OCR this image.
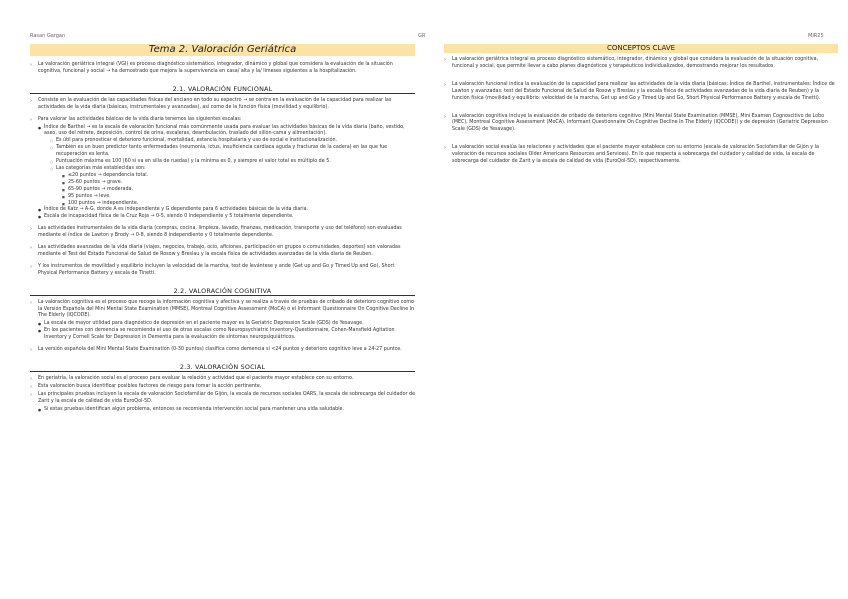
Rasan Gargan	GR	MIR25
Tema 2. Valoración Geriátrica
› La valoración geriátrica integral (VGI) es proceso diagnóstico sistemático, integrador, dinámico y global que considera la evaluación de la situación cognitiva, funcional y social → ha demostrado que mejora la supervivencia en casa/ alta y la/ limeses siguientes a la hospitalización.
2.1. VALORACIÓN FUNCIONAL
› Consiste en la evaluación de las capacidades físicas del anciano en todo su espectro → se centra en la evaluación de la capacidad para realizar las actividades de la vida diaria (básicas, instrumentales y avanzadas), así como de la función física (movilidad y equilibrio).
› Para valorar las actividades básicas de la vida diaria tenemos las siguientes escalas:
● Índice de Barthel → es la escala de valoración funcional más comúnmente usada para evaluar las actividades básicas de la vida diaria (baño, vestido, aseo, uso del retrete, deposición, control de orina, escaleras, deambulación, traslado del sillón-cama y alimentación).
○ Es útil para pronosticar el deterioro funcional, mortalidad, estancia hospitalaria y uso de social e institucionalización.
○ También es un buen predictor tanto enfermedades (neumonía, ictus, insuficiencia cardiaca aguda y fracturas de la cadera) en las que fue recuperación es lenta.
○ Puntuación máxima es 100 (60 si va en silla de ruedas) y la mínima es 0, y siempre el valor total es múltiplo de 5.
○ Las categorías más establecidas son:
■ ≤20 puntos → dependencia total.
■ 25-60 puntos → grave.
■ 65-90 puntos → moderada.
■ 95 puntos → leve.
■ 100 puntos → independiente.
● Índice de Katz → A-G, donde A es independiente y G dependiente para 6 actividades básicas de la vida diaria.
● Escala de incapacidad física de la Cruz Roja → 0-5, siendo 0 independiente y 5 totalmente dependiente.
› Las actividades instrumentales de la vida diaria (compras, cocina, limpieza, lavado, finanzas, medicación, transporte y uso del teléfono) son evaluadas mediante el índice de Lawton y Brody → 0-8, siendo 8 independiente y 0 totalmente dependiente.
› Las actividades avanzadas de la vida diaria (viajes, negocios, trabajo, ocio, aficiones, participación en grupos o comunidades, deportes) son valoradas mediante el Test del Estado Funcional de Salud de Rosow y Breslau y la escala física de actividades avanzadas de la vida diaria de Reuben.
› Y los instrumentos de movilidad y equilibrio incluyen la velocidad de la marcha, test de levántese y ande (Get up and Go y Timed Up and Go), Short Physical Performance Battery y escala de Tinetti.
2.2. VALORACIÓN COGNITIVA
› La valoración cognitiva es el proceso que recoge la información cognitiva y afectiva y se realiza a través de pruebas de cribado de deterioro cognitivo como la Versión Española del Mini Mental State Examination (MMSE), Montreal Cognitive Assessment (MoCA) o el Informant Questionnaire On Cognitive Decline In The Elderly (IQCODE).
● La escala de mayor utilidad para diagnóstico de depresión en el paciente mayor es la Geriatric Depression Scale (GDS) de Yesavage.
● En los pacientes con demencia se recomienda el uso de otras escalas como Neuropsychiatric Inventory-Questionnaire, Cohen-Mansfield Agitation Inventory y Cornell Scale for Depression in Dementia para la evaluación de síntomas neuropsiquiátricos.
› La versión española del Mini Mental State Examination (0-30 puntos) clasifica como demencia si <24 puntos y deterioro cognitivo leve a 24-27 puntos.
2.3. VALORACIÓN SOCIAL
› En geriatría, la valoración social es el proceso para evaluar la relación y actividad que el paciente mayor establece con su entorno.
› Esta valoración busca identificar posibles factores de riesgo para tomar la acción pertinente.
› Las principales pruebas incluyen la escala de valoración Sociofamiliar de Gijón, la escala de recursos sociales OARS, la escala de sobrecarga del cuidador de Zarit y la escala de calidad de vida EuroQol-5D.
● Si estas pruebas identifican algún problema, entonces se recomienda intervención social para mantener una vida saludable.
CONCEPTOS CLAVE
› La valoración geriátrica integral es proceso diagnóstico sistemático, integrador, dinámico y global que considera la evaluación de la situación cognitiva, funcional y social, que permite llevar a cabo planes diagnósticos y terapéuticos individualizados, demostrando mejorar los resultados.
› La valoración funcional indica la evaluación de la capacidad para realizar las actividades de la vida diaria (básicas: Índice de Barthel, instrumentales: Índice de Lawton y avanzadas: test del Estado Funcional de Salud de Rosow y Breslau y la escala física de actividades avanzadas de la vida diaria de Reuben) y la función física (movilidad y equilibrio: velocidad de la marcha, Get up and Go y Timed Up and Go, Short Physical Performance Battery y escala de Tinetti).
› La valoración cognitiva incluye la evaluación de cribado de deterioro cognitivo (Mini Mental State Examination (MMSE), Mini Examen Cognoscitivo de Lobo (MEC), Montreal Cognitive Assessment (MoCA), Informant Questionnaire On Cognitive Decline In The Elderly (IQCODE)) y de depresión (Geriatric Depression Scale (GDS) de Yesavage).
› La valoración social evalúa las relaciones y actividades que el paciente mayor establece con su entorno (escala de valoración Sociofamiliar de Gijón y la valoración de recursos sociales Older Americans Resources and Services). En lo que respecta a sobrecarga del cuidador y calidad de vida, la escala de sobrecarga del cuidador de Zarit y la escala de calidad de vida (EuroQol-5D), respectivamente.
